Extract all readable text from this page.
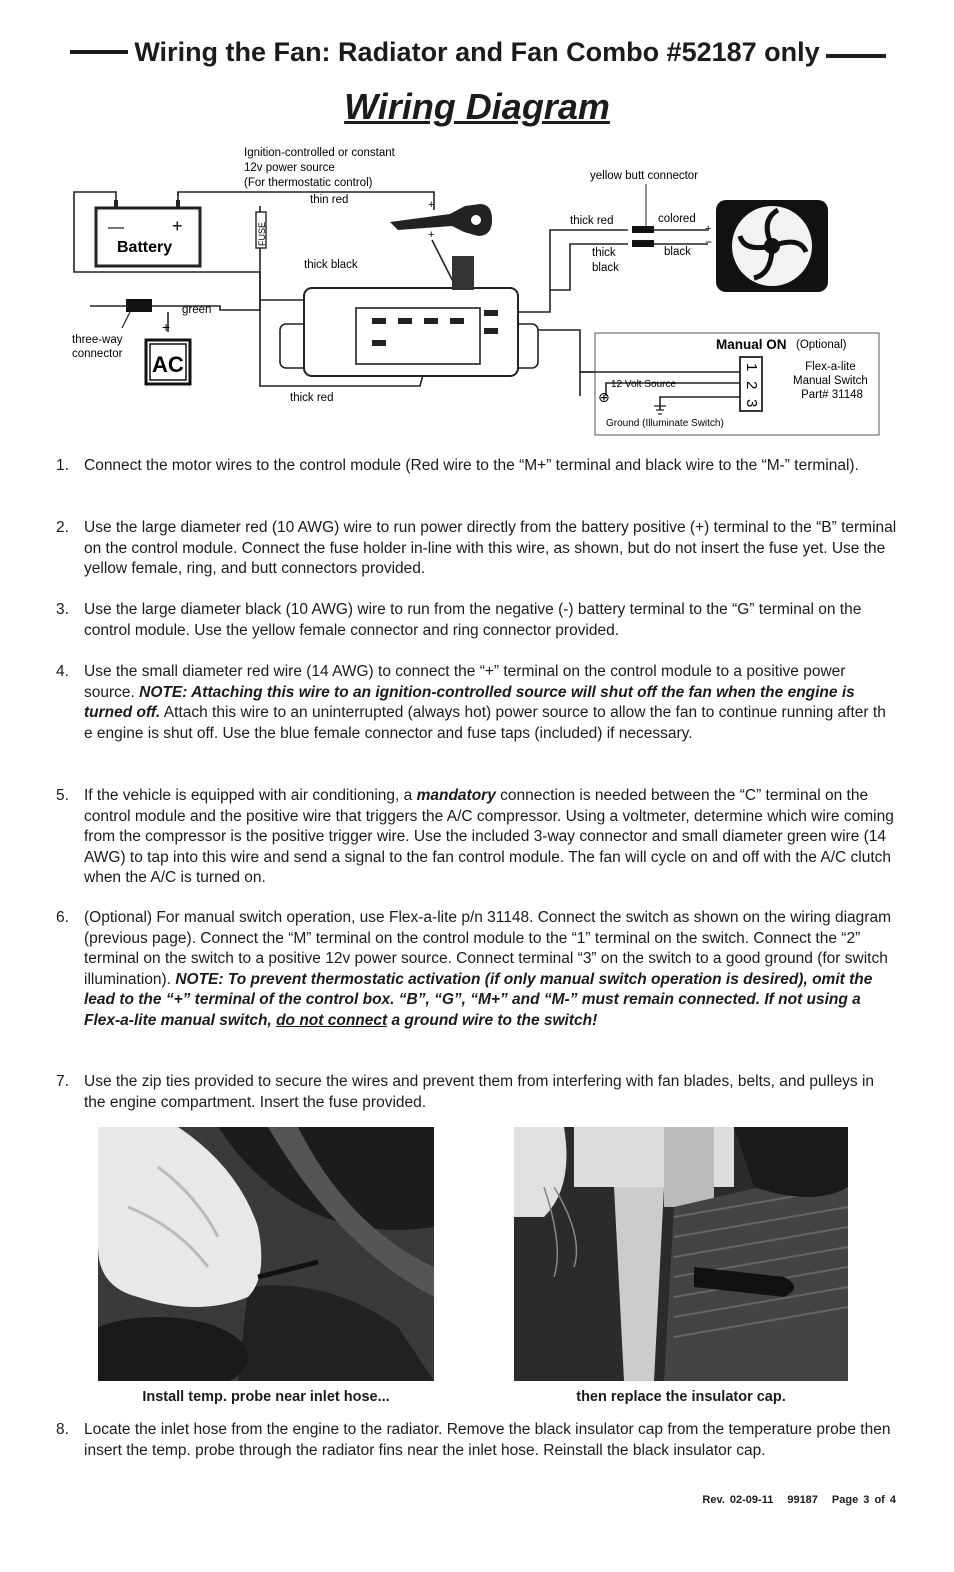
Wiring the Fan: Radiator and Fan Combo #52187 only
Wiring Diagram
FUSE
—	+
Battery
+
+
Ignition-controlled or constant 12v power source (For thermostatic control)
thin red
thick black
thick red
green
three-way connector
+
AC
yellow butt connector
thick red
thick black
colored
black
+
−
Manual ON (Optional)
1
2
3
Flex-a-lite Manual Switch Part# 31148
12 Volt Source
⊕
Ground (Illuminate Switch)
1. Connect the motor wires to the control module (Red wire to the “M+” terminal and black wire to the “M-” terminal).
2. Use the large diameter red (10 AWG) wire to run power directly from the battery positive (+) terminal to the “B” terminal on the control module. Connect the fuse holder in-line with this wire, as shown, but do not insert the fuse yet. Use the yellow female, ring, and butt connectors provided.
3. Use the large diameter black (10 AWG) wire to run from the negative (-) battery terminal to the “G” terminal on the control module. Use the yellow female connector and ring connector provided.
4. Use the small diameter red wire (14 AWG) to connect the “+” terminal on the control module to a positive power source. NOTE: Attaching this wire to an ignition-controlled source will shut off the fan when the engine is turned off. Attach this wire to an uninterrupted (always hot) power source to allow the fan to continue running after th e engine is shut off. Use the blue female connector and fuse taps (included) if necessary.
5. If the vehicle is equipped with air conditioning, a mandatory connection is needed between the “C” terminal on the control module and the positive wire that triggers the A/C compressor. Using a voltmeter, determine which wire coming from the compressor is the positive trigger wire. Use the included 3-way connector and small diameter green wire (14 AWG) to tap into this wire and send a signal to the fan control module. The fan will cycle on and off with the A/C clutch when the A/C is turned on.
6. (Optional) For manual switch operation, use Flex-a-lite p/n 31148. Connect the switch as shown on the wiring diagram (previous page). Connect the “M” terminal on the control module to the “1” terminal on the switch. Connect the “2” terminal on the switch to a positive 12v power source. Connect terminal “3” on the switch to a good ground (for switch illumination). NOTE: To prevent thermostatic activation (if only manual switch operation is desired), omit the lead to the “+” terminal of the control box. “B”, “G”, “M+” and “M-” must remain connected. If not using a Flex-a-lite manual switch, do not connect a ground wire to the switch!
7. Use the zip ties provided to secure the wires and prevent them from interfering with fan blades, belts, and pulleys in the engine compartment. Insert the fuse provided.
8. Locate the inlet hose from the engine to the radiator. Remove the black insulator cap from the temperature probe then insert the temp. probe through the radiator fins near the inlet hose. Reinstall the black insulator cap.
Install temp. probe near inlet hose...	then replace the insulator cap.
Rev. 02-09-11 99187 Page 3 of 4
